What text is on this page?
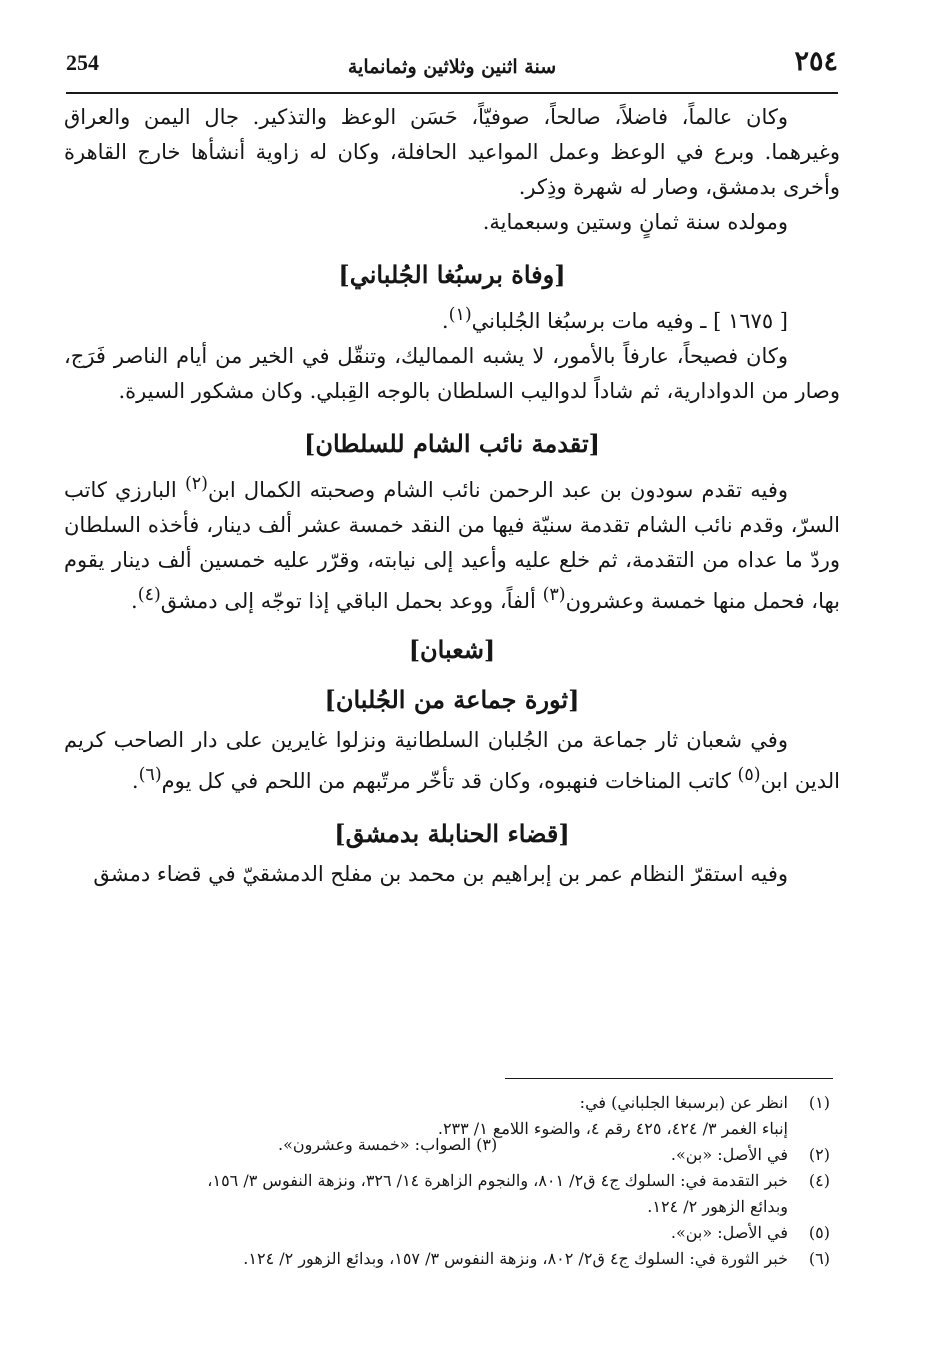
254	سنة اثنين وثلاثين وثمانماية	٢٥٤

وكان عالماً، فاضلاً، صالحاً، صوفيّاً، حَسَن الوعظ والتذكير. جال اليمن والعراق وغيرهما. وبرع في الوعظ وعمل المواعيد الحافلة، وكان له زاوية أنشأها خارج القاهرة وأخرى بدمشق، وصار له شهرة وذِكر.

ومولده سنة ثمانٍ وستين وسبعماية.

[وفاة برسبُغا الجُلباني]

[ ١٦٧٥ ] ـ وفيه مات برسبُغا الجُلباني$^{(١)}$.

وكان فصيحاً، عارفاً بالأمور، لا يشبه المماليك، وتنقّل في الخير من أيام الناصر فَرَج، وصار من الدوادارية، ثم شاداً لدواليب السلطان بالوجه القِبلي. وكان مشكور السيرة.

[تقدمة نائب الشام للسلطان]

وفيه تقدم سودون بن عبد الرحمن نائب الشام وصحبته الكمال ابن$^{(٢)}$ البارزي كاتب السرّ، وقدم نائب الشام تقدمة سنيّة فيها من النقد خمسة عشر ألف دينار، فأخذه السلطان وردّ ما عداه من التقدمة، ثم خلع عليه وأعيد إلى نيابته، وقرّر عليه خمسين ألف دينار يقوم بها، فحمل منها خمسة وعشرون$^{(٣)}$ ألفاً، ووعد بحمل الباقي إذا توجّه إلى دمشق$^{(٤)}$.

[شعبان]
[ثورة جماعة من الجُلبان]

وفي شعبان ثار جماعة من الجُلبان السلطانية ونزلوا غايرين على دار الصاحب كريم الدين ابن$^{(٥)}$ كاتب المناخات فنهبوه، وكان قد تأخّر مرتّبهم من اللحم في كل يوم$^{(٦)}$.

[قضاء الحنابلة بدمشق]

وفيه استقرّ النظام عمر بن إبراهيم بن محمد بن مفلح الدمشقيّ في قضاء دمشق

(١)
انظر عن (برسبغا الجلباني) في:
إنباء الغمر ٣/ ٤٢٤، ٤٢٥ رقم ٤، والضوء اللامع ١/ ٢٣٣.
(٢)
في الأصل: «بن».
(٣) الصواب: «خمسة وعشرون».
(٤)
خبر التقدمة في: السلوك ج٤ ق٢/ ٨٠١، والنجوم الزاهرة ١٤/ ٣٢٦، ونزهة النفوس ٣/ ١٥٦،
وبدائع الزهور ٢/ ١٢٤.
(٥)
في الأصل: «بن».
(٦)
خبر الثورة في: السلوك ج٤ ق٢/ ٨٠٢، ونزهة النفوس ٣/ ١٥٧، وبدائع الزهور ٢/ ١٢٤.
